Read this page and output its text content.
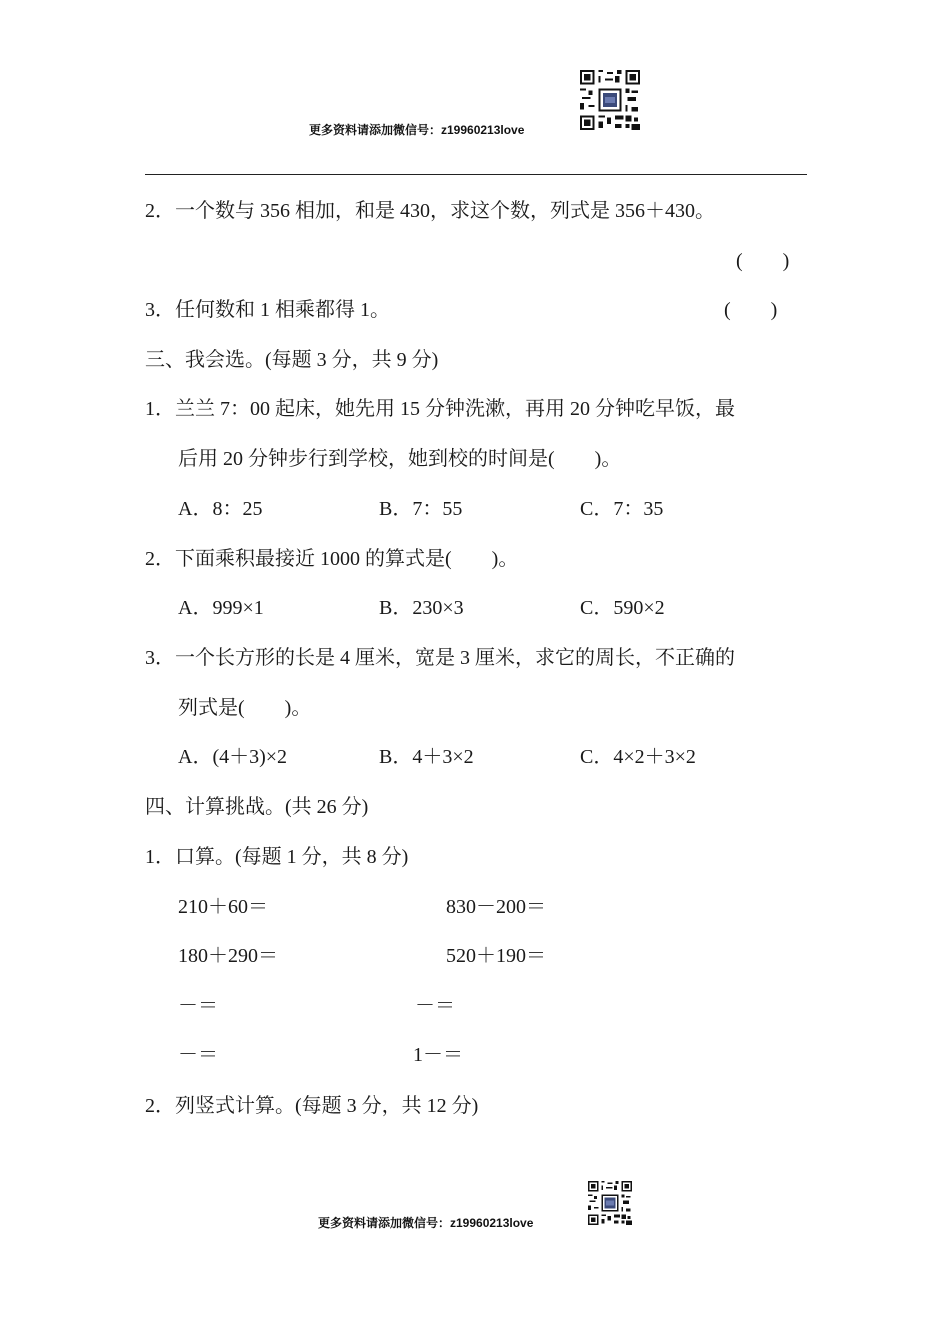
更多资料请添加微信号：z19960213love
2．一个数与 356 相加，和是 430，求这个数，列式是 356＋430。
(　　)
3．任何数和 1 相乘都得 1。	(　　)
三、我会选。(每题 3 分，共 9 分)
1．兰兰 7：00 起床，她先用 15 分钟洗漱，再用 20 分钟吃早饭，最
后用 20 分钟步行到学校，她到校的时间是(　　)。
A．8：25	B．7：55	C．7：35
2．下面乘积最接近 1000 的算式是(　　)。
A．999×1	B．230×3	C．590×2
3．一个长方形的长是 4 厘米，宽是 3 厘米，求它的周长，不正确的
列式是(　　)。
A．(4＋3)×2	B．4＋3×2	C．4×2＋3×2
四、计算挑战。(共 26 分)
1．口算。(每题 1 分，共 8 分)
210＋60＝	830－200＝
180＋290＝	520＋190＝
－＝	－＝
－＝	1－＝
2．列竖式计算。(每题 3 分，共 12 分)
更多资料请添加微信号：z19960213love
